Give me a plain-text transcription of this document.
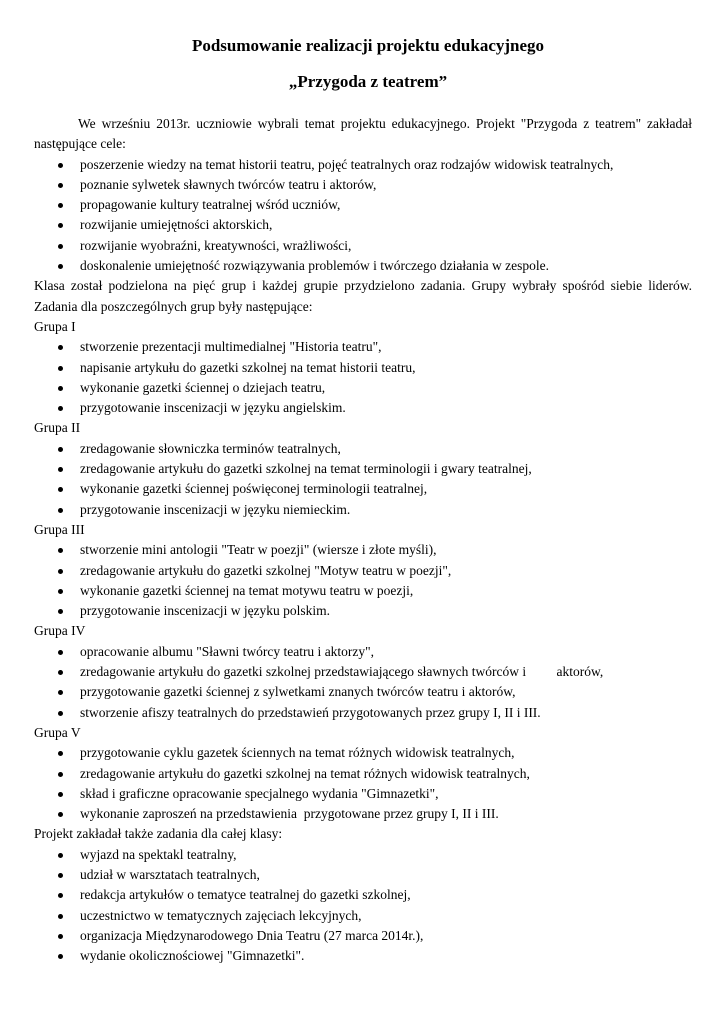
Podsumowanie realizacji projektu edukacyjnego
„Przygoda z teatrem”

We wrześniu 2013r. uczniowie wybrali temat projektu edukacyjnego. Projekt "Przygoda z teatrem" zakładał następujące cele:

poszerzenie wiedzy na temat historii teatru, pojęć teatralnych oraz rodzajów widowisk teatralnych,
poznanie sylwetek sławnych twórców teatru i aktorów,
propagowanie kultury teatralnej wśród uczniów,
rozwijanie umiejętności aktorskich,
rozwijanie wyobraźni, kreatywności, wrażliwości,
doskonalenie umiejętność rozwiązywania problemów i twórczego działania w zespole.

Klasa został podzielona na pięć grup i każdej grupie przydzielono zadania. Grupy wybrały spośród siebie liderów. Zadania dla poszczególnych grup były następujące:

Grupa I
stworzenie prezentacji multimedialnej "Historia teatru",
napisanie artykułu do gazetki szkolnej na temat historii teatru,
wykonanie gazetki ściennej o dziejach teatru,
przygotowanie inscenizacji w języku angielskim.
Grupa II
zredagowanie słowniczka terminów teatralnych,
zredagowanie artykułu do gazetki szkolnej na temat terminologii i gwary teatralnej,
wykonanie gazetki ściennej poświęconej terminologii teatralnej,
przygotowanie inscenizacji w języku niemieckim.
Grupa III
stworzenie mini antologii "Teatr w poezji" (wiersze i złote myśli),
zredagowanie artykułu do gazetki szkolnej "Motyw teatru w poezji",
wykonanie gazetki ściennej na temat motywu teatru w poezji,
przygotowanie inscenizacji w języku polskim.
Grupa IV
opracowanie albumu "Sławni twórcy teatru i aktorzy",
zredagowanie artykułu do gazetki szkolnej przedstawiającego sławnych twórców i         aktorów,
przygotowanie gazetki ściennej z sylwetkami znanych twórców teatru i aktorów,
stworzenie afiszy teatralnych do przedstawień przygotowanych przez grupy I, II i III.
Grupa V
przygotowanie cyklu gazetek ściennych na temat różnych widowisk teatralnych,
zredagowanie artykułu do gazetki szkolnej na temat różnych widowisk teatralnych,
skład i graficzne opracowanie specjalnego wydania "Gimnazetki",
wykonanie zaproszeń na przedstawienia  przygotowane przez grupy I, II i III.
Projekt zakładał także zadania dla całej klasy:
wyjazd na spektakl teatralny,
udział w warsztatach teatralnych,
redakcja artykułów o tematyce teatralnej do gazetki szkolnej,
uczestnictwo w tematycznych zajęciach lekcyjnych,
organizacja Międzynarodowego Dnia Teatru (27 marca 2014r.),
wydanie okolicznościowej "Gimnazetki".
